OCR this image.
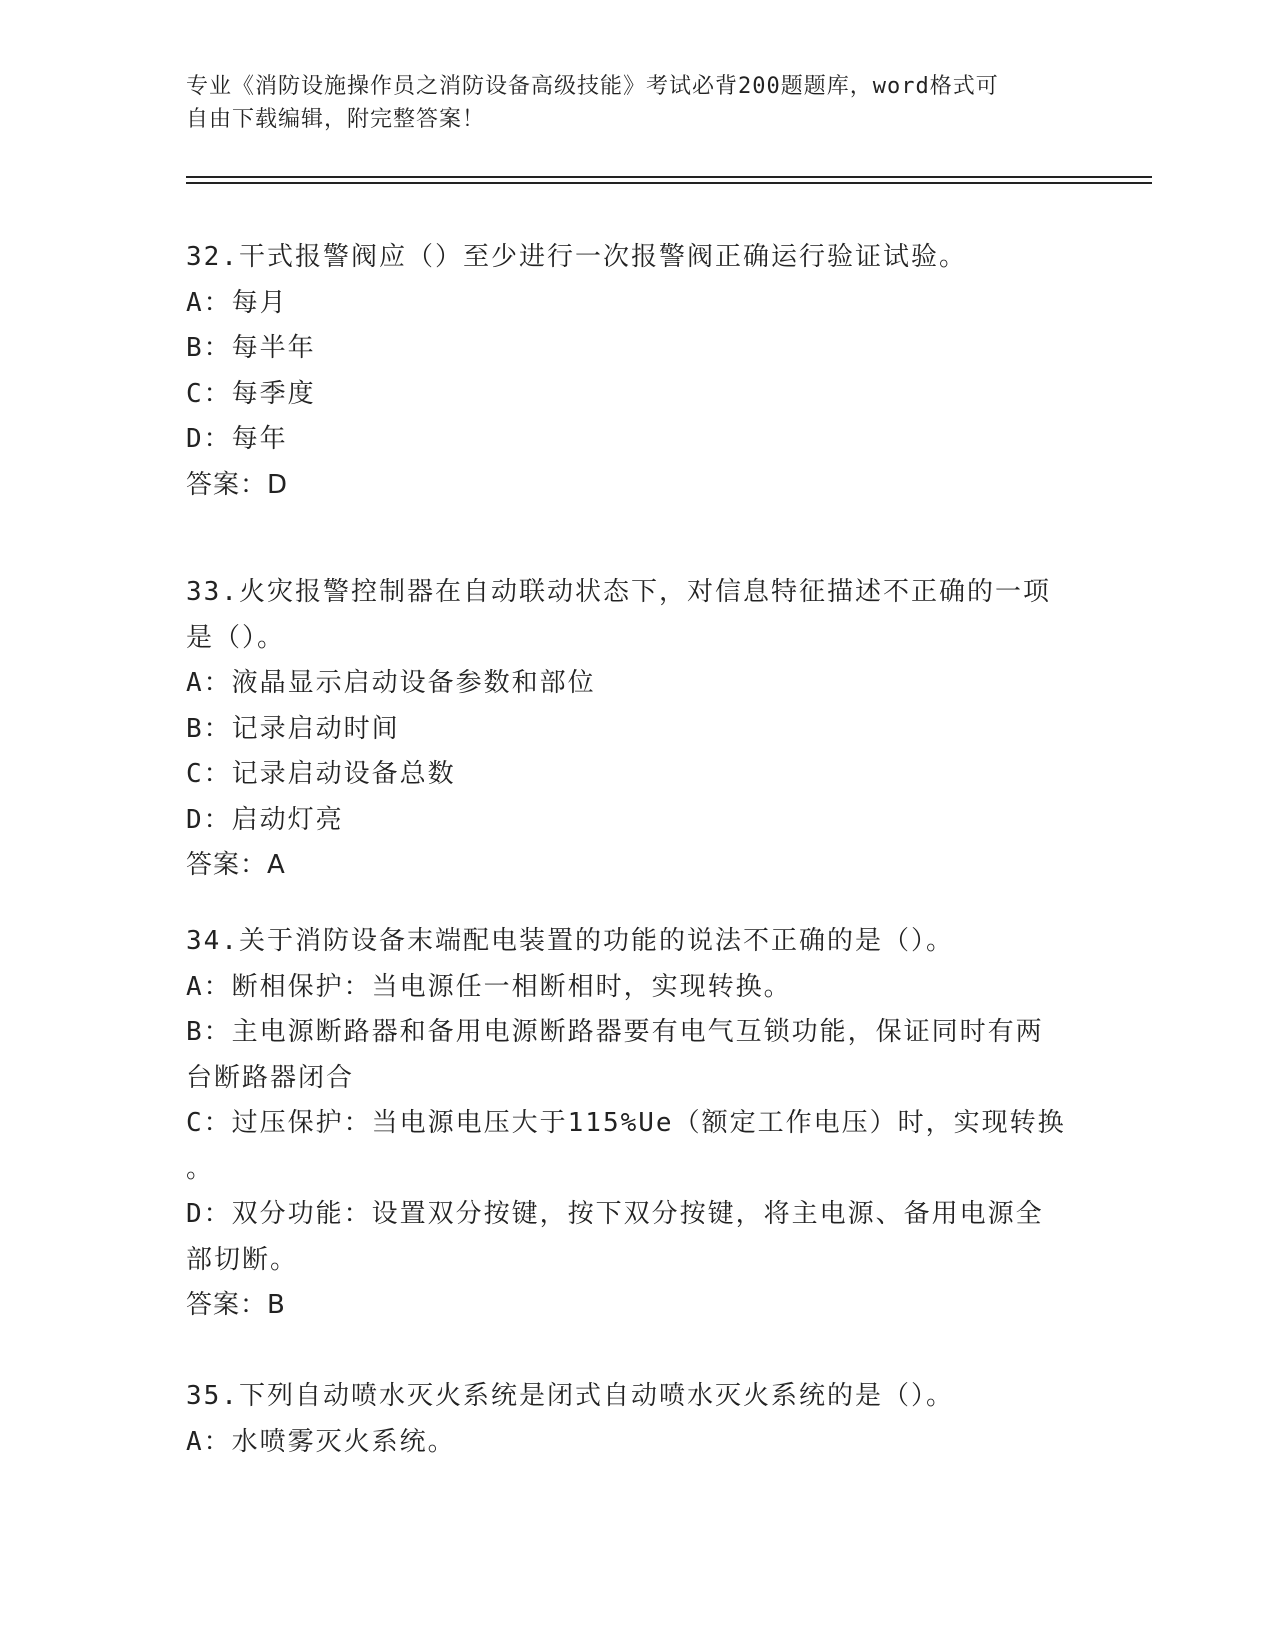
专业《消防设施操作员之消防设备高级技能》考试必背200题题库，word格式可
自由下载编辑，附完整答案！
32.干式报警阀应（）至少进行一次报警阀正确运行验证试验。
A：每月
B：每半年
C：每季度
D：每年
答案：D
33.火灾报警控制器在自动联动状态下，对信息特征描述不正确的一项
是（）。
A：液晶显示启动设备参数和部位
B：记录启动时间
C：记录启动设备总数
D：启动灯亮
答案：A
34.关于消防设备末端配电装置的功能的说法不正确的是（）。
A：断相保护：当电源任一相断相时，实现转换。
B：主电源断路器和备用电源断路器要有电气互锁功能，保证同时有两
台断路器闭合
C：过压保护：当电源电压大于115%Ue（额定工作电压）时，实现转换
。
D：双分功能：设置双分按键，按下双分按键，将主电源、备用电源全
部切断。
答案：B
35.下列自动喷水灭火系统是闭式自动喷水灭火系统的是（）。
A：水喷雾灭火系统。
